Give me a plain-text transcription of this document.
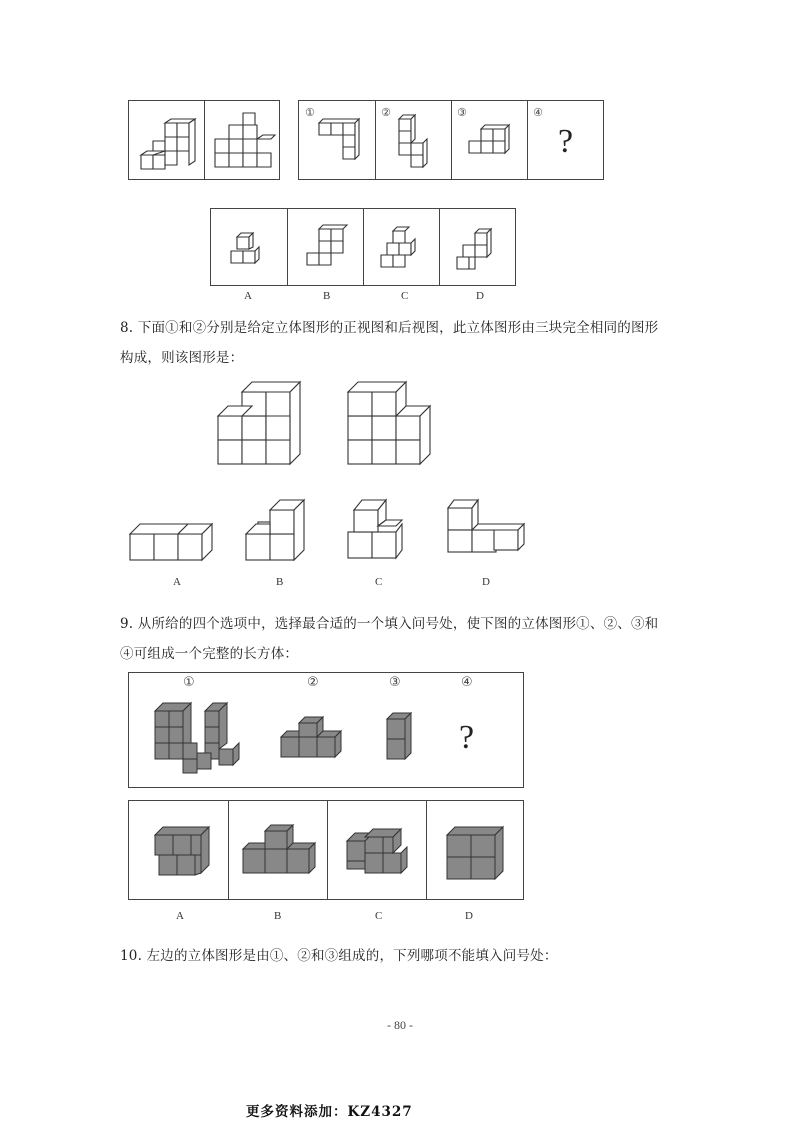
①	②	③	④
?
A	B	C	D
8. 下面①和②分别是给定立体图形的正视图和后视图，此立体图形由三块完全相同的图形
构成，则该图形是：
A	B	C	D
9. 从所给的四个选项中，选择最合适的一个填入问号处，使下图的立体图形①、②、③和
④可组成一个完整的长方体：
①	②	③	④
?
A	B	C	D
10. 左边的立体图形是由①、②和③组成的，下列哪项不能填入问号处：
- 80 -
更多资料添加：KZ4327
